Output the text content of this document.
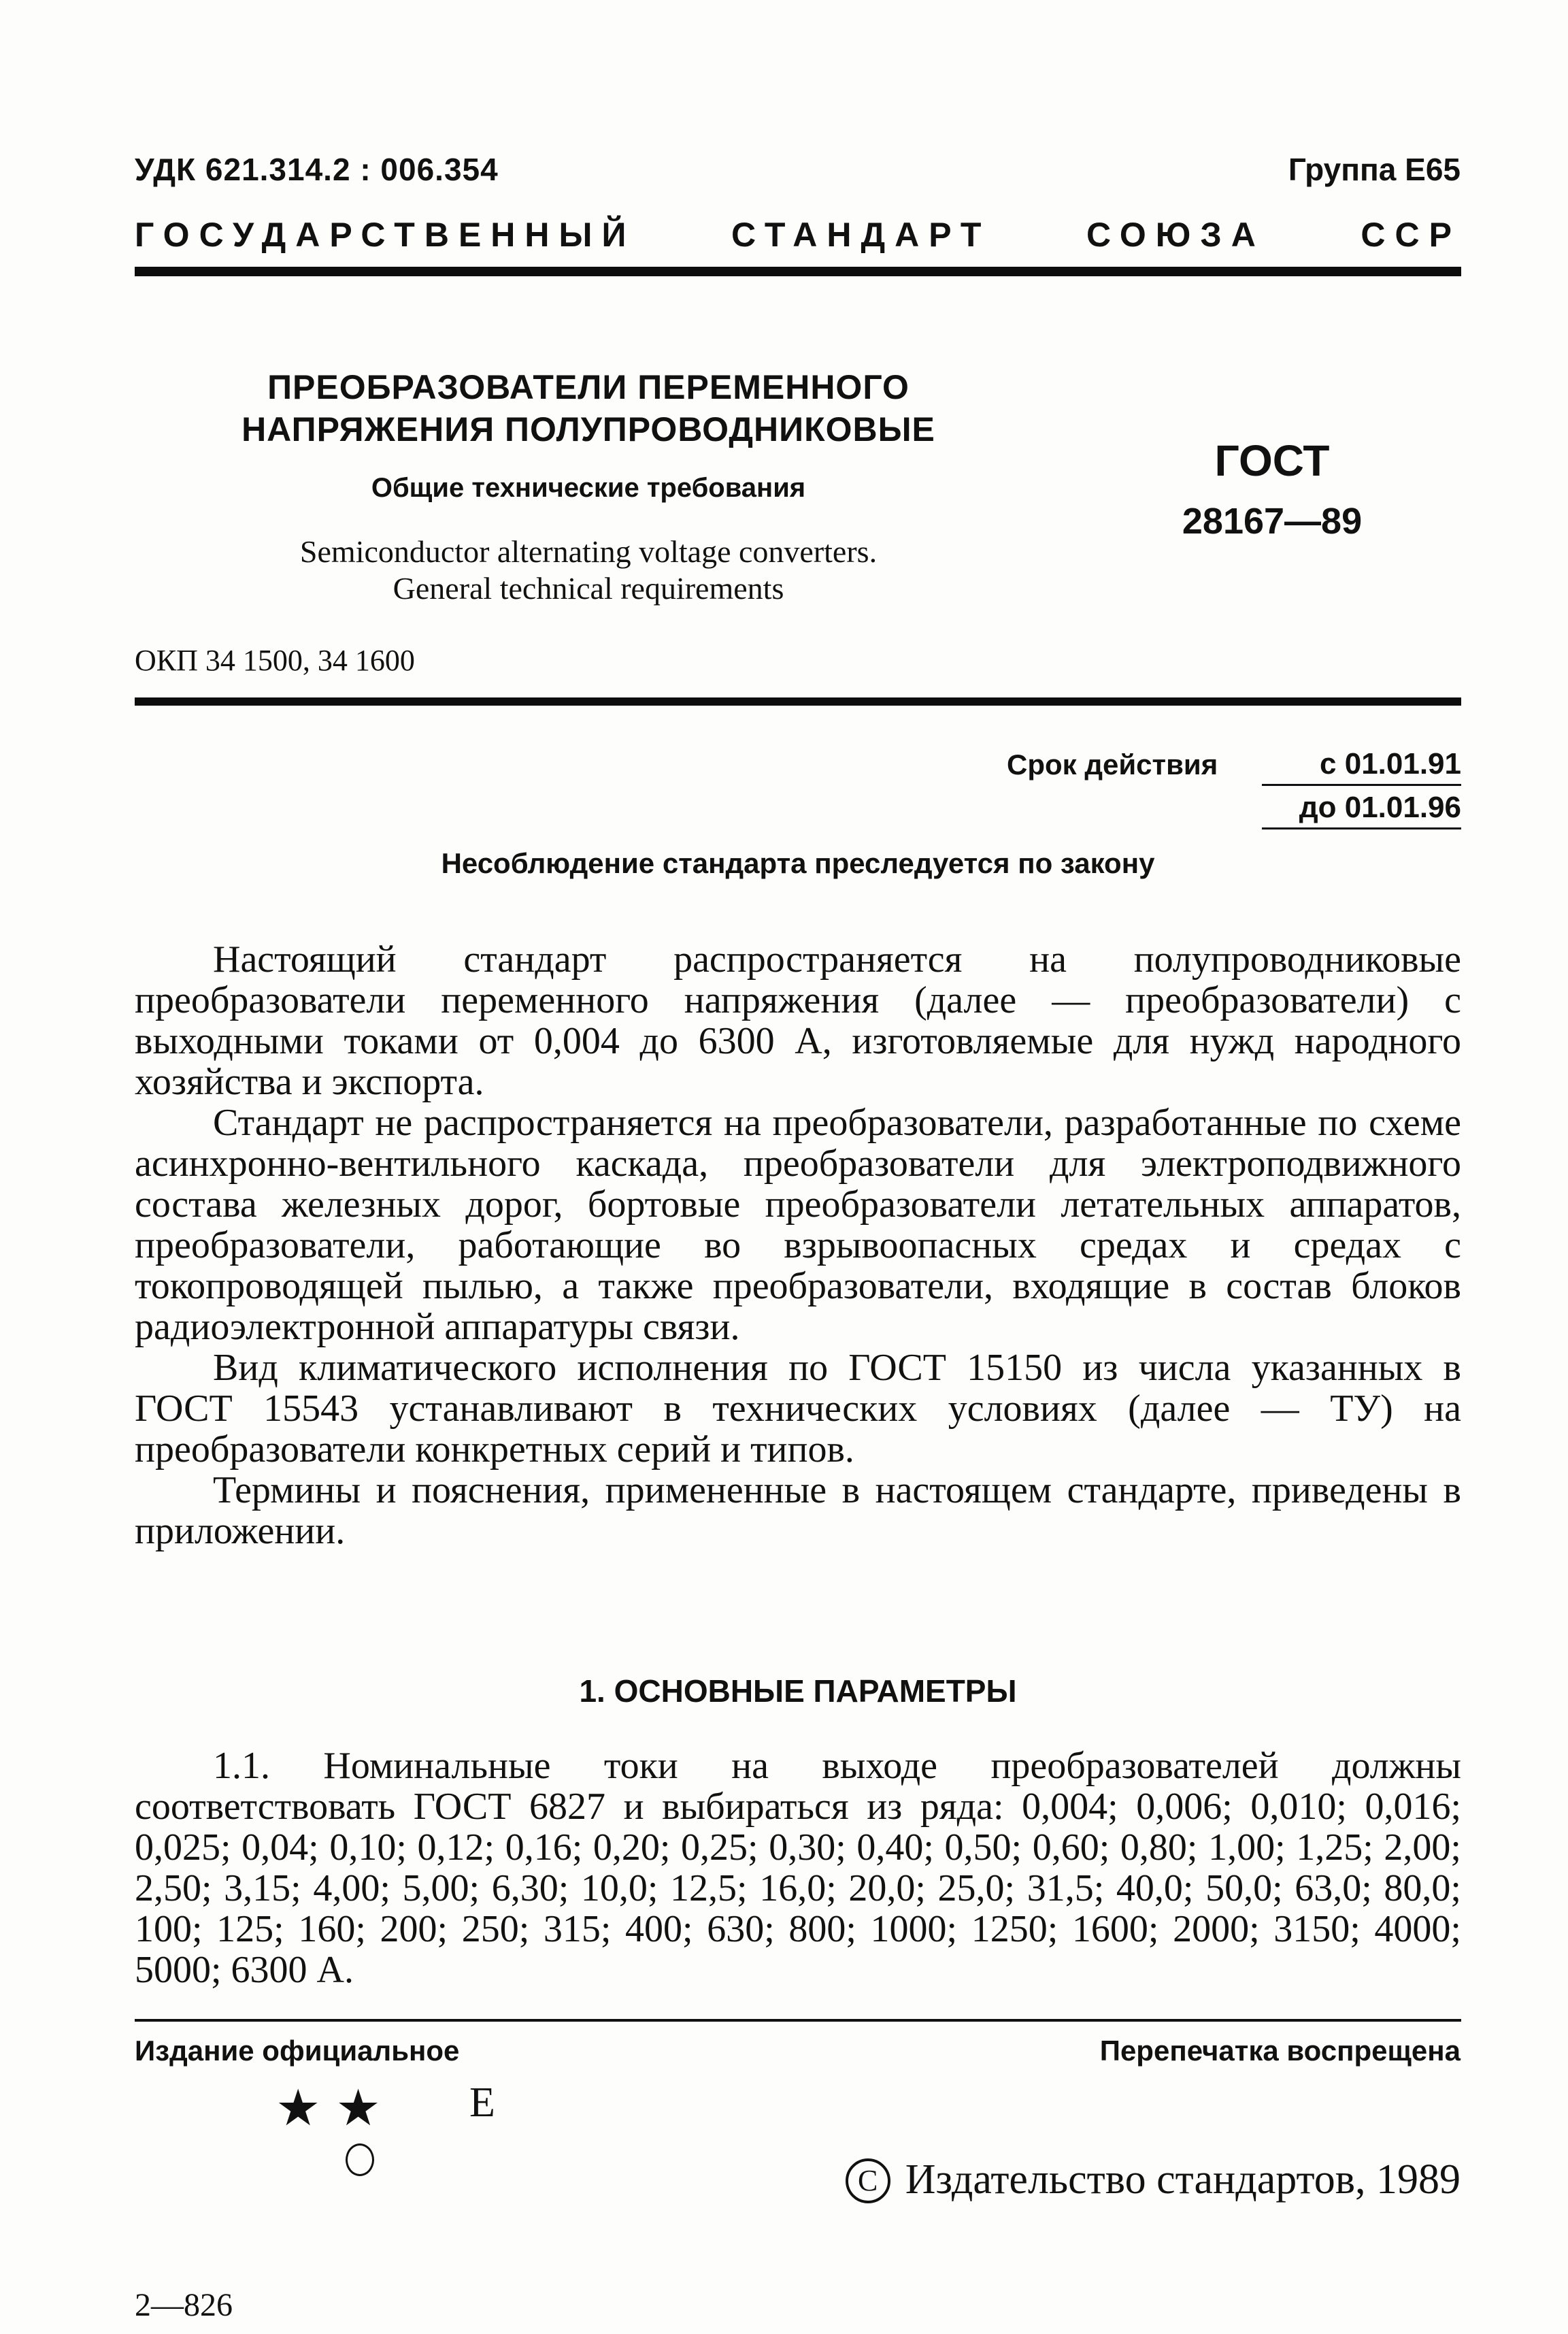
УДК 621.314.2 : 006.354	Группа Е65
ГОСУДАРСТВЕННЫЙ СТАНДАРТ СОЮЗА ССР
ПРЕОБРАЗОВАТЕЛИ ПЕРЕМЕННОГО
НАПРЯЖЕНИЯ ПОЛУПРОВОДНИКОВЫЕ
Общие технические требования
Semiconductor alternating voltage converters.
General technical requirements
ГОСТ
28167—89
ОКП 34 1500, 34 1600
Срок действия	с 01.01.91
до 01.01.96
Несоблюдение стандарта преследуется по закону

Настоящий стандарт распространяется на полупроводниковые преобразователи переменного напряжения (далее — преобразователи) с выходными токами от 0,004 до 6300 А, изготовляемые для нужд народного хозяйства и экспорта.

Стандарт не распространяется на преобразователи, разработанные по схеме асинхронно-вентильного каскада, преобразователи для электроподвижного состава железных дорог, бортовые преобразователи летательных аппаратов, преобразователи, работающие во взрывоопасных средах и средах с токопроводящей пылью, а также преобразователи, входящие в состав блоков радиоэлектронной аппаратуры связи.

Вид климатического исполнения по ГОСТ 15150 из числа указанных в ГОСТ 15543 устанавливают в технических условиях (далее — ТУ) на преобразователи конкретных серий и типов.

Термины и пояснения, примененные в настоящем стандарте, приведены в приложении.

1. ОСНОВНЫЕ ПАРАМЕТРЫ

1.1. Номинальные токи на выходе преобразователей должны соответствовать ГОСТ 6827 и выбираться из ряда: 0,004; 0,006; 0,010; 0,016; 0,025; 0,04; 0,10; 0,12; 0,16; 0,20; 0,25; 0,30; 0,40; 0,50; 0,60; 0,80; 1,00; 1,25; 2,00; 2,50; 3,15; 4,00; 5,00; 6,30; 10,0; 12,5; 16,0; 20,0; 25,0; 31,5; 40,0; 50,0; 63,0; 80,0; 100; 125; 160; 200; 250; 315; 400; 630; 800; 1000; 1250; 1600; 2000; 3150; 4000; 5000; 6300 А.

Издание официальное	Перепечатка воспрещена
★★ Е
C Издательство стандартов, 1989
2—826
